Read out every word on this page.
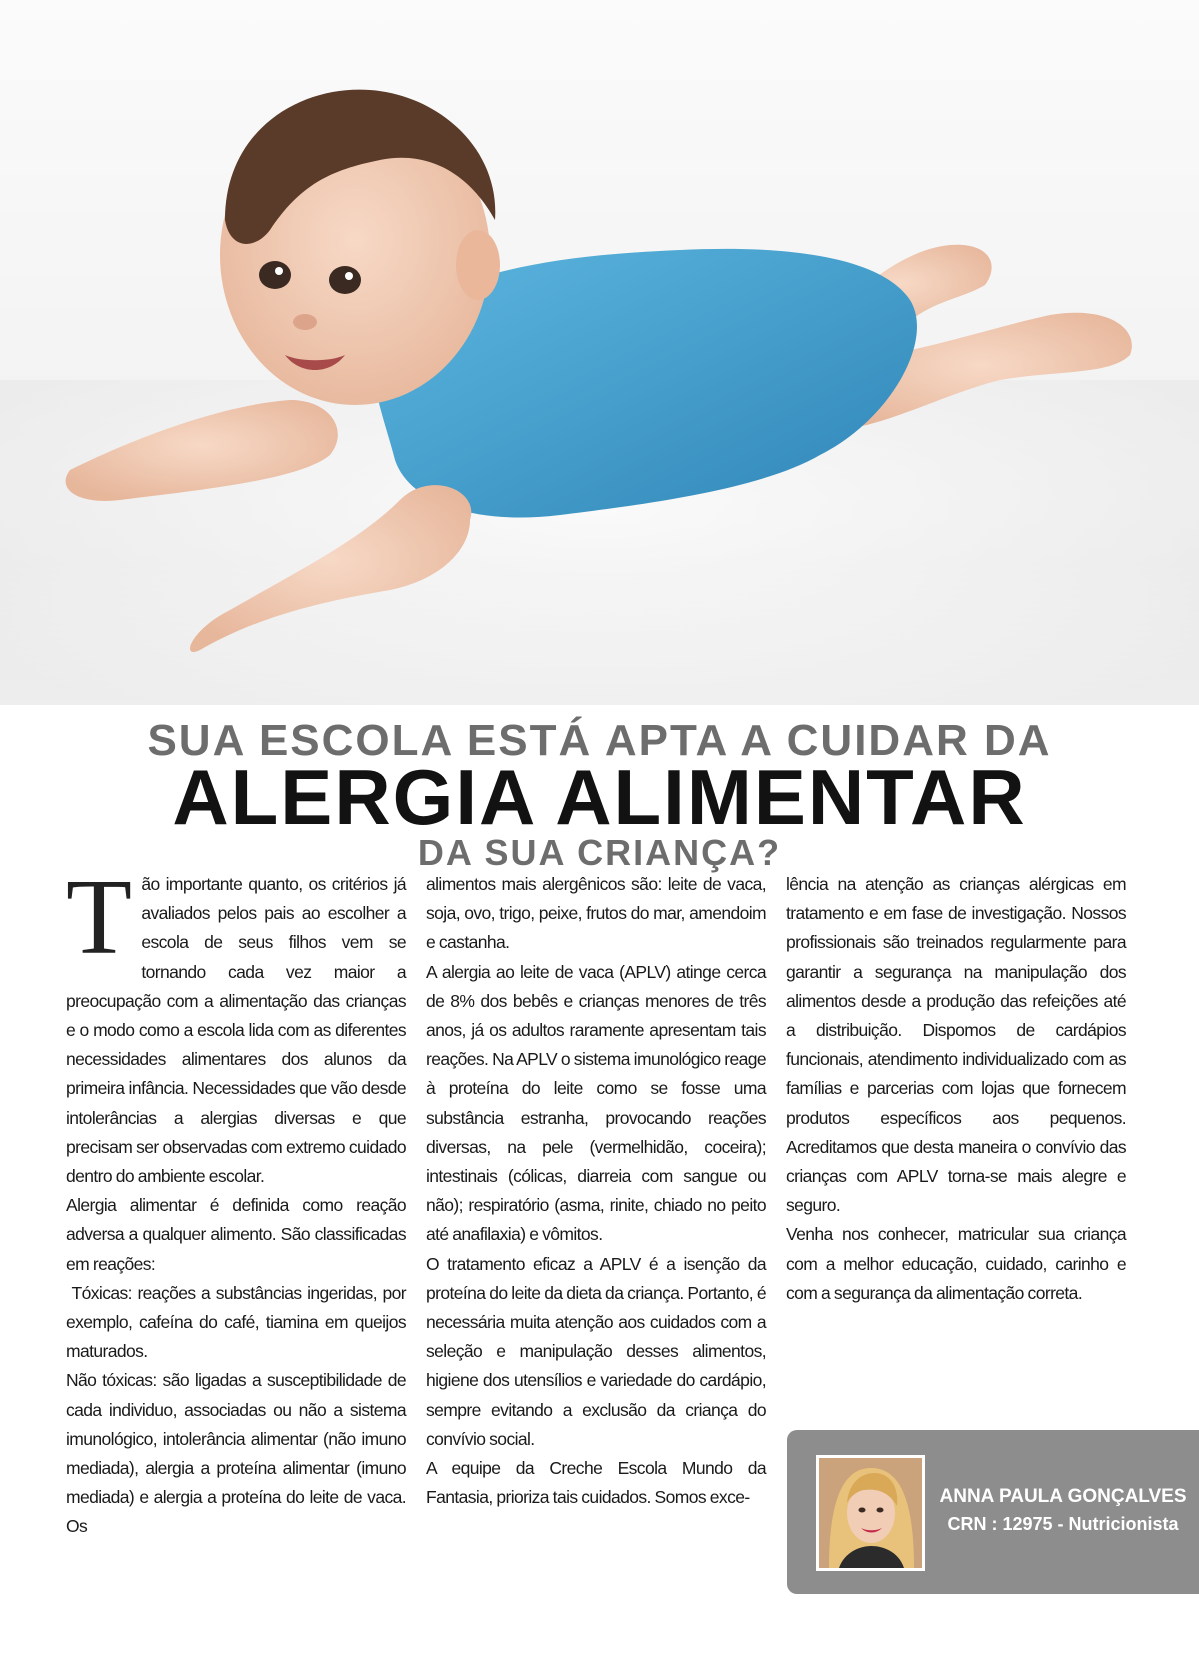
SUA ESCOLA ESTÁ APTA A CUIDAR DA
ALERGIA ALIMENTAR
DA SUA CRIANÇA?

Tão importante quanto, os critérios já avaliados pelos pais ao escolher a escola de seus filhos vem se tornando cada vez maior a preocupação com a alimentação das crianças e o modo como a escola lida com as diferentes necessidades alimentares dos alunos da primeira infância. Necessidades que vão desde intolerâncias a alergias diversas e que precisam ser observadas com extremo cuidado dentro do ambiente escolar.

Alergia alimentar é definida como reação adversa a qualquer alimento. São classificadas em reações:

Tóxicas: reações a substâncias ingeridas, por exemplo, cafeína do café, tiamina em queijos maturados.

Não tóxicas: são ligadas a susceptibilidade de cada individuo, associadas ou não a sistema imunológico, intolerância alimentar (não imuno mediada), alergia a proteína alimentar (imuno mediada) e alergia a proteína do leite de vaca. Os

alimentos mais alergênicos são: leite de vaca, soja, ovo, trigo, peixe, frutos do mar, amendoim e castanha.

A alergia ao leite de vaca (APLV) atinge cerca de 8% dos bebês e crianças menores de três anos, já os adultos raramente apresentam tais reações. Na APLV o sistema imunológico reage à proteína do leite como se fosse uma substância estranha, provocando reações diversas, na pele (vermelhidão, coceira); intestinais (cólicas, diarreia com sangue ou não); respiratório (asma, rinite, chiado no peito até anafilaxia) e vômitos.

O tratamento eficaz a APLV é a isenção da proteína do leite da dieta da criança. Portanto, é necessária muita atenção aos cuidados com a seleção e manipulação desses alimentos, higiene dos utensílios e variedade do cardápio, sempre evitando a exclusão da criança do convívio social.

A equipe da Creche Escola Mundo da Fantasia, prioriza tais cuidados. Somos exce-

lência na atenção as crianças alérgicas em tratamento e em fase de investigação. Nossos profissionais são treinados regularmente para garantir a segurança na manipulação dos alimentos desde a produção das refeições até a distribuição. Dispomos de cardápios funcionais, atendimento individualizado com as famílias e parcerias com lojas que fornecem produtos específicos aos pequenos. Acreditamos que desta maneira o convívio das crianças com APLV torna-se mais alegre e seguro.

Venha nos conhecer, matricular sua criança com a melhor educação, cuidado, carinho e com a segurança da alimentação correta.

ANNA PAULA GONÇALVES
CRN : 12975 - Nutricionista
